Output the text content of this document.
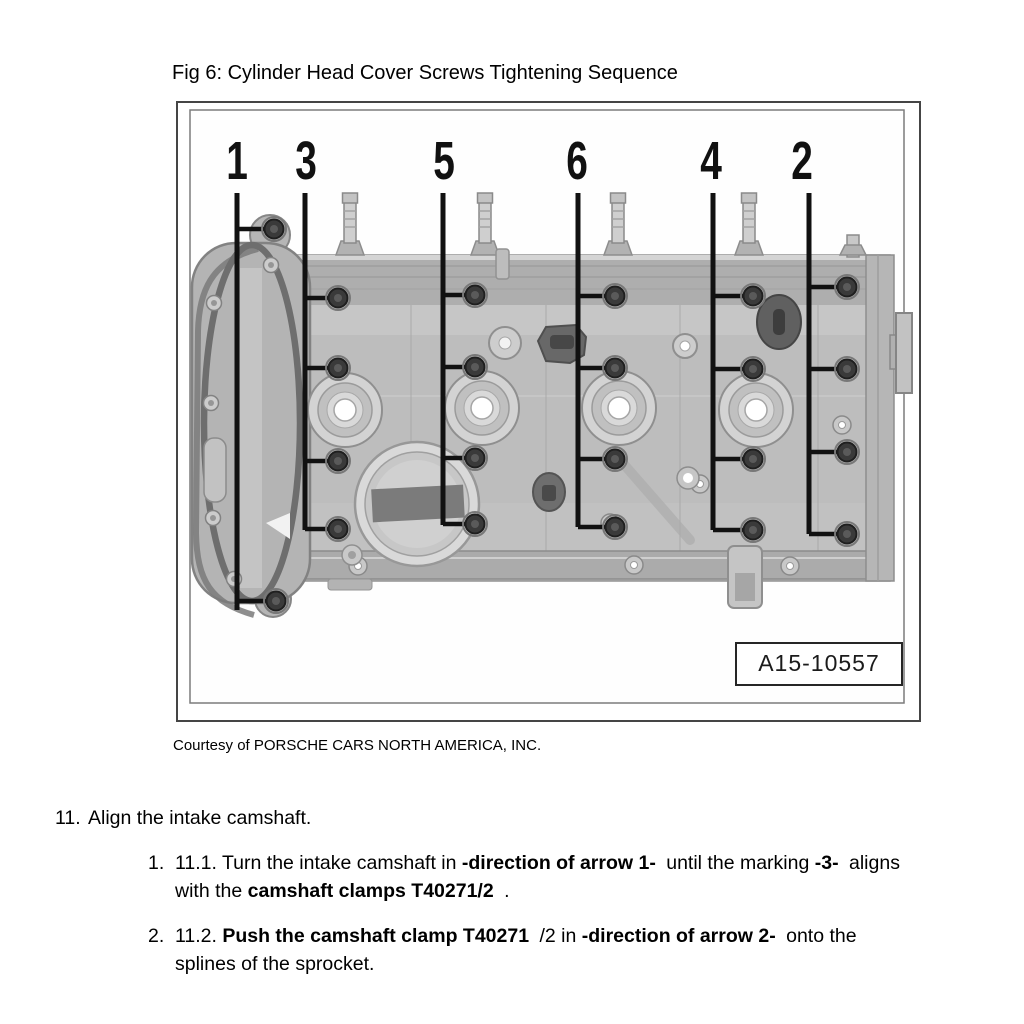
Fig 6: Cylinder Head Cover Screws Tightening Sequence
1 3 5 6 4 2
A15-10557
Courtesy of PORSCHE CARS NORTH AMERICA, INC.
11. Align the intake camshaft.
1. 11.1. Turn the intake camshaft in -direction of arrow 1- until the marking -3- aligns
with the camshaft clamps T40271/2 .
2. 11.2. Push the camshaft clamp T40271 /2 in -direction of arrow 2- onto the
splines of the sprocket.
